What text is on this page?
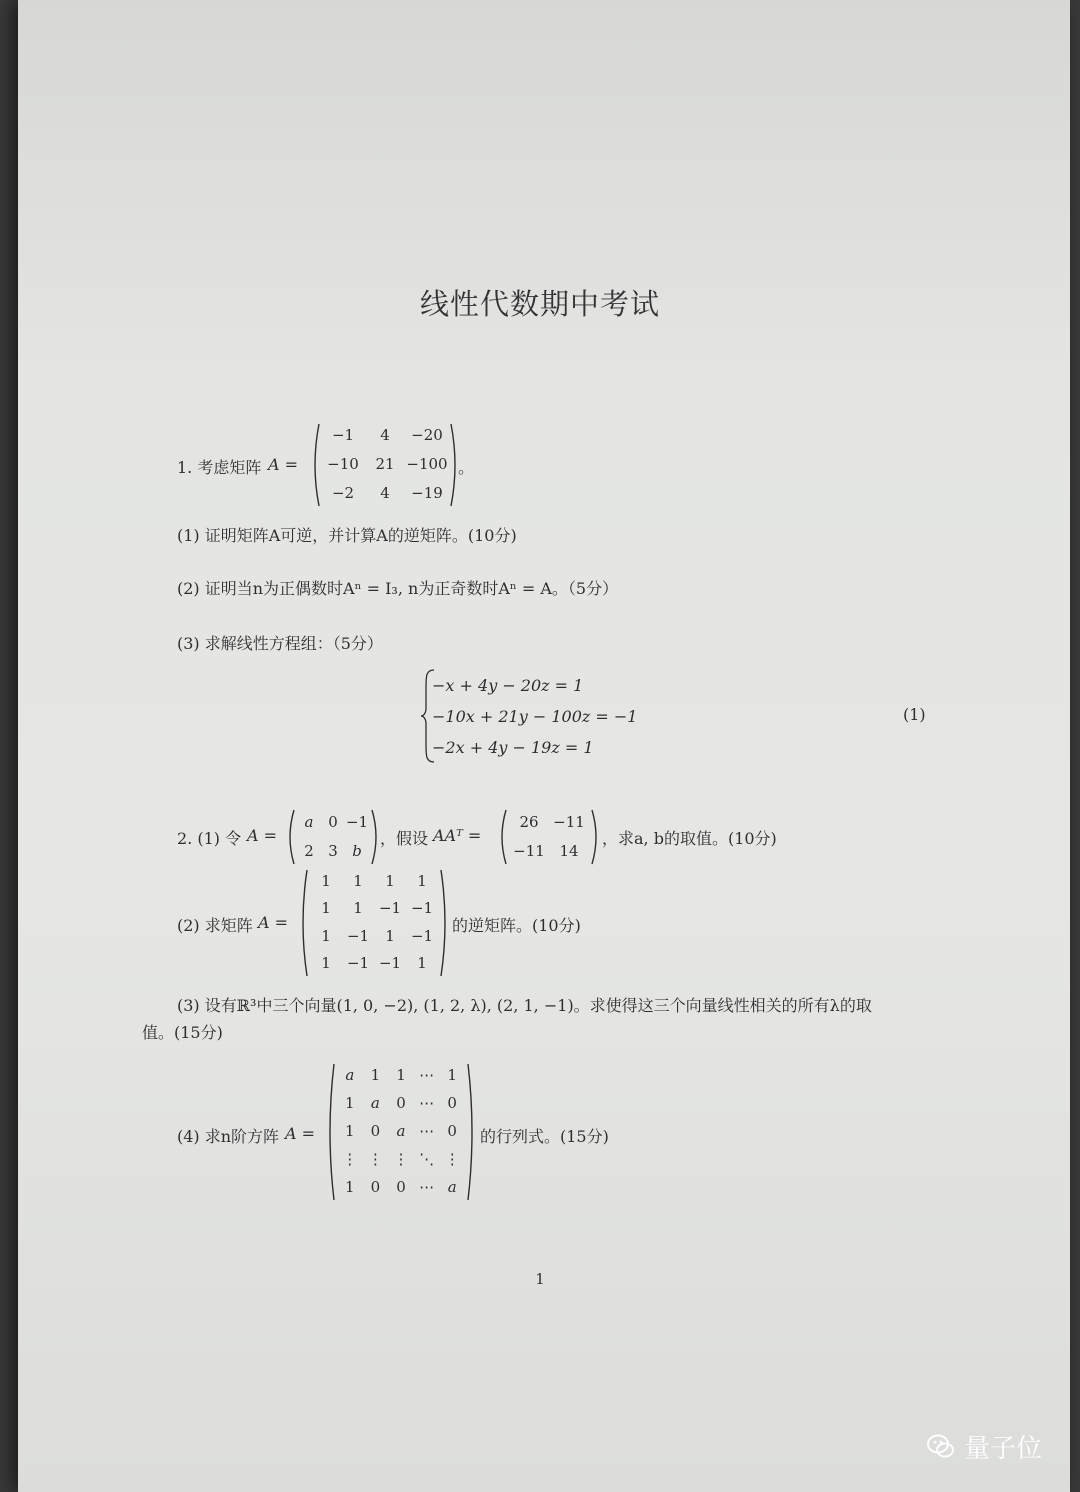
线性代数期中考试
1. 考虑矩阵 A =
−1	4	−20
−10	21 −100
−2	4	−19
。
(1) 证明矩阵A可逆，并计算A的逆矩阵。(10分)
(2) 证明当n为正偶数时Aⁿ = I₃, n为正奇数时Aⁿ = A。（5分）
(3) 求解线性方程组：（5分）
−x + 4y − 20z = 1
−10x + 21y − 100z = −1
−2x + 4y − 19z = 1
(1)
2. (1) 令 A =
a 0 −1
2 3 b
，假设 AAᵀ =
26 −11
−11 14
，求a, b的取值。(10分)
(2) 求矩阵 A =
1	1	1	1
1	1	−1 −1
1	−1	1	−1
1	−1 −1	1
的逆矩阵。(10分)
(3) 设有ℝ³中三个向量(1, 0, −2), (1, 2, λ), (2, 1, −1)。求使得这三个向量线性相关的所有λ的取
值。(15分)
(4) 求n阶方阵 A =
a	1	1 ⋯ 1
1	a	0 ⋯ 0
1	0	a ⋯ 0
⋮ ⋮ ⋮ ⋱ ⋮
1	0	0 ⋯ a
的行列式。(15分)
1
量子位
